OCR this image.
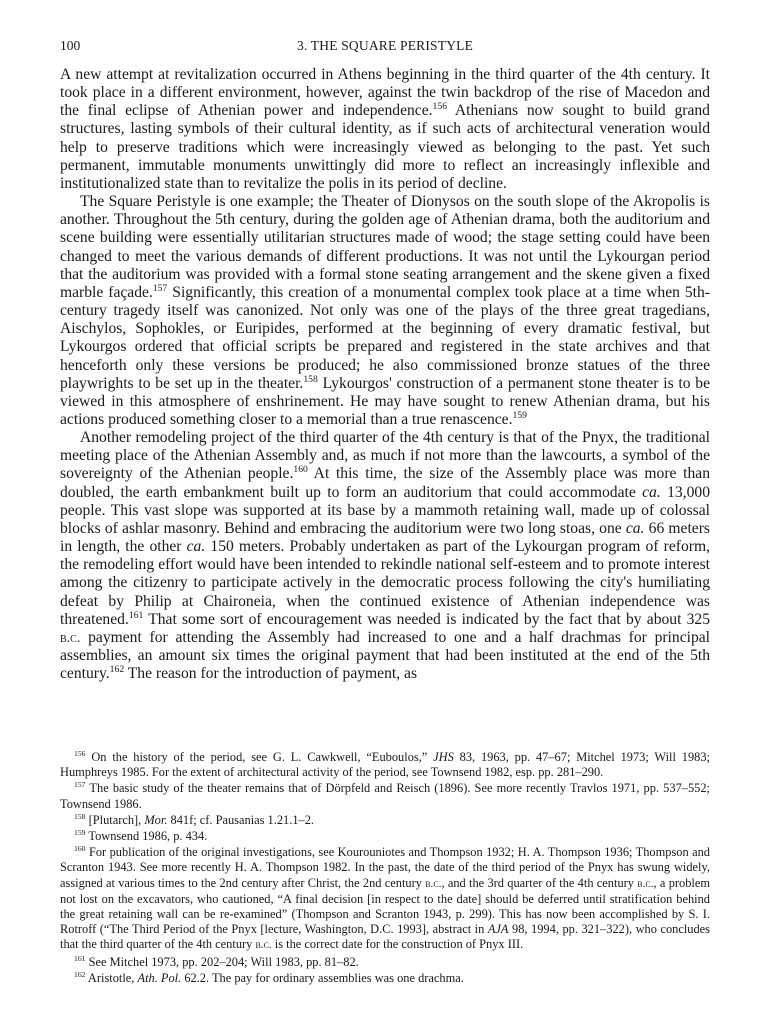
100	3. THE SQUARE PERISTYLE

A new attempt at revitalization occurred in Athens beginning in the third quarter of the 4th century. It took place in a different environment, however, against the twin backdrop of the rise of Macedon and the final eclipse of Athenian power and independence.$^{156}$ Athenians now sought to build grand structures, lasting symbols of their cultural identity, as if such acts of architectural veneration would help to preserve traditions which were increasingly viewed as belonging to the past. Yet such permanent, immutable monuments unwittingly did more to reflect an increasingly inflexible and institutionalized state than to revitalize the polis in its period of decline.

The Square Peristyle is one example; the Theater of Dionysos on the south slope of the Akropolis is another. Throughout the 5th century, during the golden age of Athenian drama, both the auditorium and scene building were essentially utilitarian structures made of wood; the stage setting could have been changed to meet the various demands of different productions. It was not until the Lykourgan period that the auditorium was provided with a formal stone seating arrangement and the skene given a fixed marble façade.$^{157}$ Significantly, this creation of a monumental complex took place at a time when 5th-century tragedy itself was canonized. Not only was one of the plays of the three great tragedians, Aischylos, Sophokles, or Euripides, performed at the beginning of every dramatic festival, but Lykourgos ordered that official scripts be prepared and registered in the state archives and that henceforth only these versions be produced; he also commissioned bronze statues of the three playwrights to be set up in the theater.$^{158}$ Lykourgos' construction of a permanent stone theater is to be viewed in this atmosphere of enshrinement. He may have sought to renew Athenian drama, but his actions produced something closer to a memorial than a true renascence.$^{159}$

Another remodeling project of the third quarter of the 4th century is that of the Pnyx, the traditional meeting place of the Athenian Assembly and, as much if not more than the lawcourts, a symbol of the sovereignty of the Athenian people.$^{160}$ At this time, the size of the Assembly place was more than doubled, the earth embankment built up to form an auditorium that could accommodate ca. 13,000 people. This vast slope was supported at its base by a mammoth retaining wall, made up of colossal blocks of ashlar masonry. Behind and embracing the auditorium were two long stoas, one ca. 66 meters in length, the other ca. 150 meters. Probably undertaken as part of the Lykourgan program of reform, the remodeling effort would have been intended to rekindle national self-esteem and to promote interest among the citizenry to participate actively in the democratic process following the city's humiliating defeat by Philip at Chaironeia, when the continued existence of Athenian independence was threatened.$^{161}$ That some sort of encouragement was needed is indicated by the fact that by about 325 b.c. payment for attending the Assembly had increased to one and a half drachmas for principal assemblies, an amount six times the original payment that had been instituted at the end of the 5th century.$^{162}$ The reason for the introduction of payment, as

$^{156}$ On the history of the period, see G. L. Cawkwell, “Euboulos,” JHS 83, 1963, pp. 47–67; Mitchel 1973; Will 1983; Humphreys 1985. For the extent of architectural activity of the period, see Townsend 1982, esp. pp. 281–290.

$^{157}$ The basic study of the theater remains that of Dörpfeld and Reisch (1896). See more recently Travlos 1971, pp. 537–552; Townsend 1986.

$^{158}$ [Plutarch], Mor. 841f; cf. Pausanias 1.21.1–2.

$^{159}$ Townsend 1986, p. 434.

$^{160}$ For publication of the original investigations, see Kourouniotes and Thompson 1932; H. A. Thompson 1936; Thompson and Scranton 1943. See more recently H. A. Thompson 1982. In the past, the date of the third period of the Pnyx has swung widely, assigned at various times to the 2nd century after Christ, the 2nd century b.c., and the 3rd quarter of the 4th century b.c., a problem not lost on the excavators, who cautioned, “A final decision [in respect to the date] should be deferred until stratification behind the great retaining wall can be re-examined” (Thompson and Scranton 1943, p. 299). This has now been accomplished by S. I. Rotroff (“The Third Period of the Pnyx [lecture, Washington, D.C. 1993], abstract in AJA 98, 1994, pp. 321–322), who concludes that the third quarter of the 4th century b.c. is the correct date for the construction of Pnyx III.

$^{161}$ See Mitchel 1973, pp. 202–204; Will 1983, pp. 81–82.

$^{162}$ Aristotle, Ath. Pol. 62.2. The pay for ordinary assemblies was one drachma.
